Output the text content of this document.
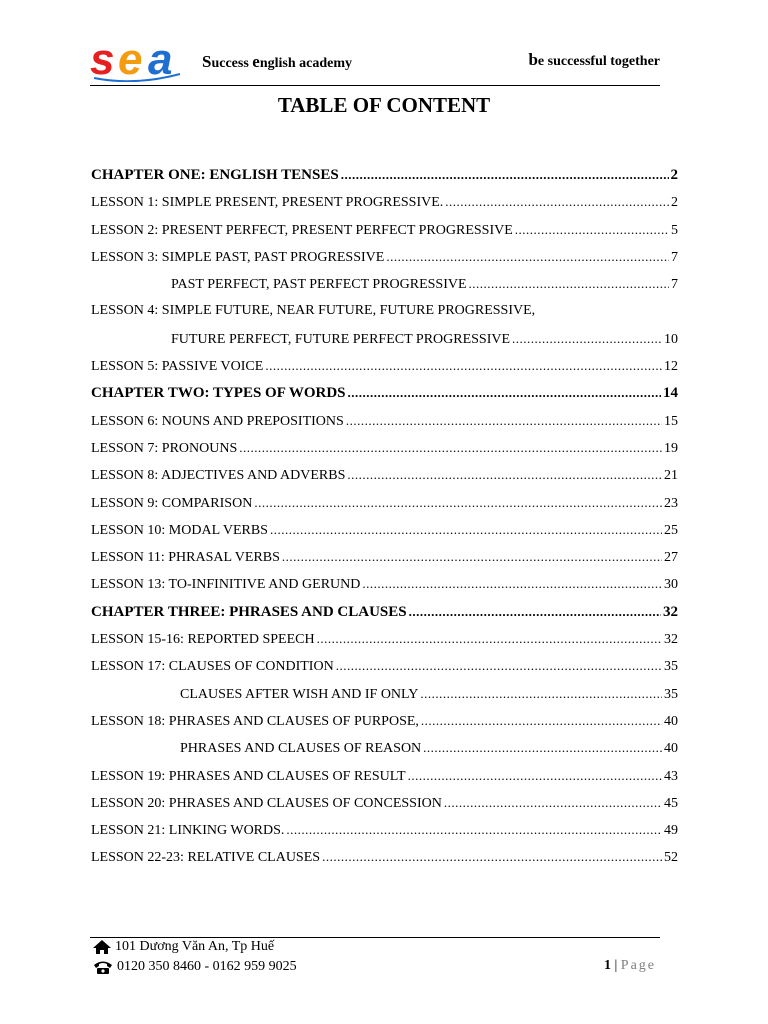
s e a Success english academy	be successful together
TABLE OF CONTENT
CHAPTER ONE: ENGLISH TENSES .....	2
LESSON 1: SIMPLE PRESENT, PRESENT PROGRESSIVE. .....	2
LESSON 2: PRESENT PERFECT, PRESENT PERFECT PROGRESSIVE .....	5
LESSON 3: SIMPLE PAST, PAST PROGRESSIVE .....	7
PAST PERFECT, PAST PERFECT PROGRESSIVE .....	7
LESSON 4: SIMPLE FUTURE, NEAR FUTURE, FUTURE PROGRESSIVE,
FUTURE PERFECT, FUTURE PERFECT PROGRESSIVE .....	10
LESSON 5: PASSIVE VOICE .....	12
CHAPTER TWO: TYPES OF WORDS .....	14
LESSON 6: NOUNS AND PREPOSITIONS .....	15
LESSON 7: PRONOUNS .....	19
LESSON 8: ADJECTIVES AND ADVERBS .....	21
LESSON 9: COMPARISON .....	23
LESSON 10: MODAL VERBS .....	25
LESSON 11: PHRASAL VERBS .....	27
LESSON 13: TO-INFINITIVE AND GERUND .....	30
CHAPTER THREE: PHRASES AND CLAUSES .....	32
LESSON 15-16: REPORTED SPEECH .....	32
LESSON 17: CLAUSES OF CONDITION .....	35
CLAUSES AFTER WISH AND IF ONLY .....	35
LESSON 18: PHRASES AND CLAUSES OF PURPOSE, .....	40
PHRASES AND CLAUSES OF REASON .....	40
LESSON 19: PHRASES AND CLAUSES OF RESULT .....	43
LESSON 20: PHRASES AND CLAUSES OF CONCESSION .....	45
LESSON 21: LINKING WORDS. .....	49
LESSON 22-23: RELATIVE CLAUSES .....	52
101 Dương Văn An, Tp Huế
0120 350 8460 - 0162 959 9025	1 | Page
